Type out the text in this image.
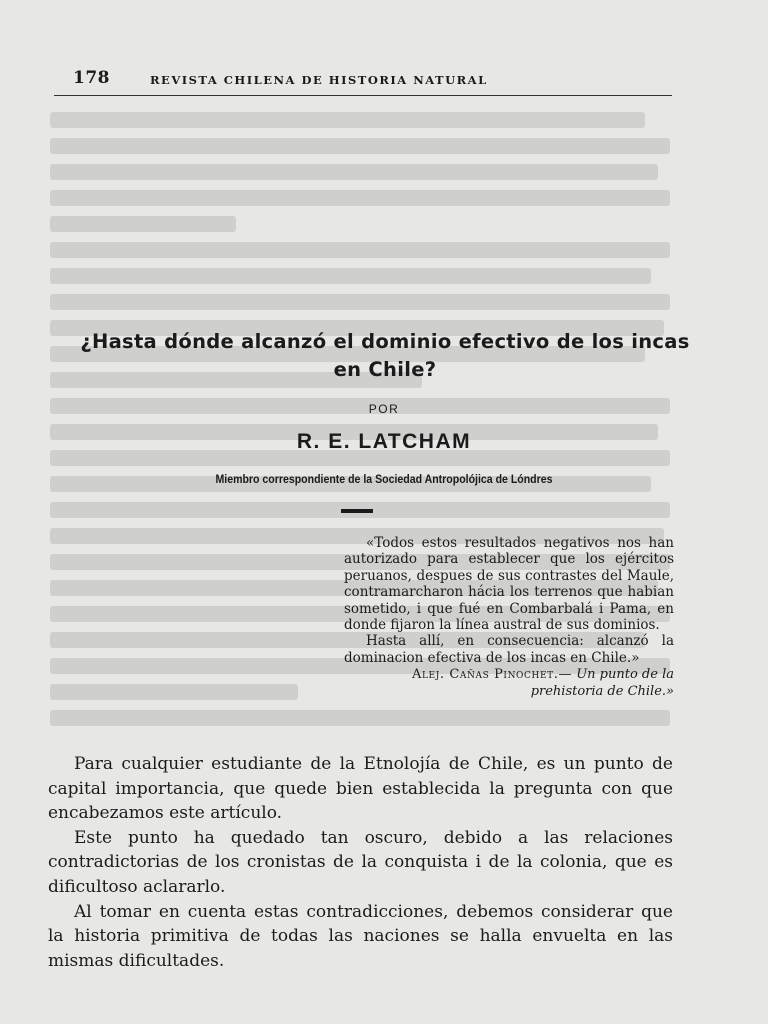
178	REVISTA CHILENA DE HISTORIA NATURAL
¿Hasta dónde alcanzó el dominio efectivo de los incas
en Chile?
POR
R. E. LATCHAM
Miembro correspondiente de la Sociedad Antropolójica de Lóndres

«Todos estos resultados negativos nos han autorizado para establecer que los ejércitos peruanos, despues de sus contrastes del Maule, contramarcharon hácia los terrenos que habian sometido, i que fué en Combarbalá i Pama, en donde fijaron la línea austral de sus dominios.

Hasta allí, en consecuencia: alcanzó la dominacion efectiva de los incas en Chile.»

Alej. Cañas Pinochet.— Un punto de la prehistoria de Chile.»

Para cualquier estudiante de la Etnolojía de Chile, es un punto de capital importancia, que quede bien establecida la pregunta con que encabezamos este artículo.

Este punto ha quedado tan oscuro, debido a las relaciones contradictorias de los cronistas de la conquista i de la colonia, que es dificultoso aclararlo.

Al tomar en cuenta estas contradicciones, debemos considerar que la historia primitiva de todas las naciones se halla envuelta en las mismas dificultades.
